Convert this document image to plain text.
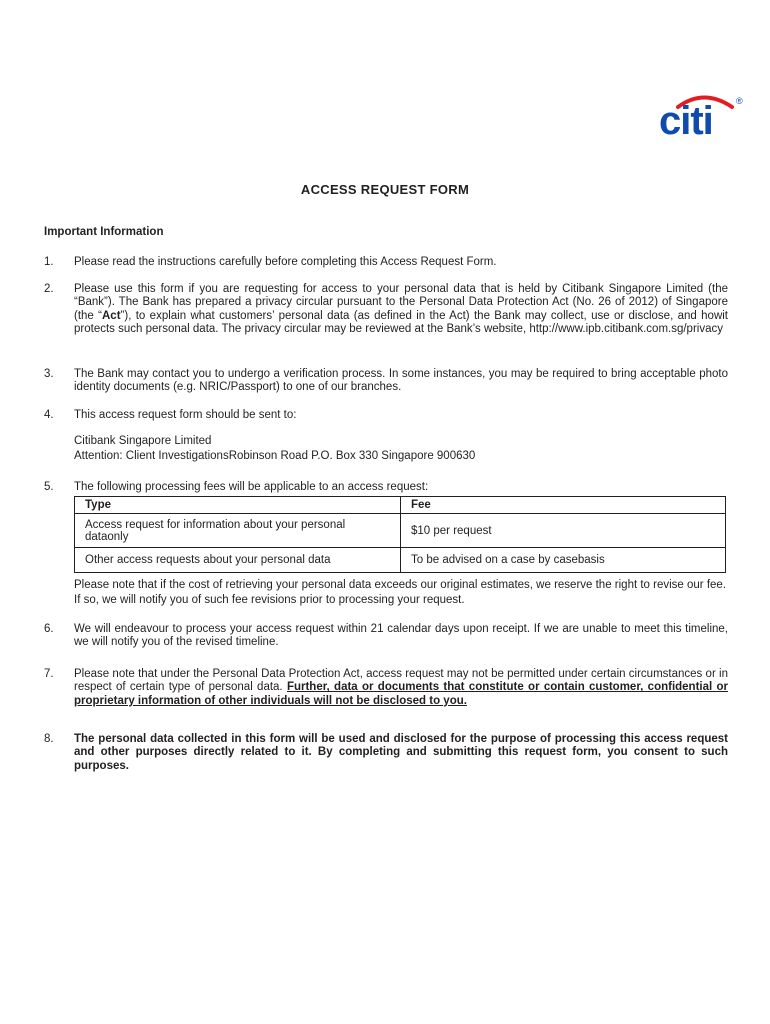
citi	®
ACCESS REQUEST FORM
Important Information
1. Please read the instructions carefully before completing this Access Request Form.
2. Please use this form if you are requesting for access to your personal data that is held by Citibank Singapore Limited (the “Bank”). The Bank has prepared a privacy circular pursuant to the Personal Data Protection Act (No. 26 of 2012) of Singapore (the “Act”), to explain what customers’ personal data (as defined in the Act) the Bank may collect, use or disclose, and howit protects such personal data. The privacy circular may be reviewed at the Bank’s website, http://www.ipb.citibank.com.sg/privacy
3. The Bank may contact you to undergo a verification process. In some instances, you may be required to bring acceptable photo identity documents (e.g. NRIC/Passport) to one of our branches.
4. This access request form should be sent to:
Citibank Singapore Limited
Attention: Client InvestigationsRobinson Road P.O. Box 330 Singapore 900630
5. The following processing fees will be applicable to an access request:
Type	Fee
Access request for information about your personal dataonly	$10 per request
Other access requests about your personal data	To be advised on a case by casebasis
Please note that if the cost of retrieving your personal data exceeds our original estimates, we reserve the right to revise our fee. If so, we will notify you of such fee revisions prior to processing your request.
6. We will endeavour to process your access request within 21 calendar days upon receipt. If we are unable to meet this timeline, we will notify you of the revised timeline.
7. Please note that under the Personal Data Protection Act, access request may not be permitted under certain circumstances or in respect of certain type of personal data. Further, data or documents that constitute or contain customer, confidential or proprietary information of other individuals will not be disclosed to you.
8. The personal data collected in this form will be used and disclosed for the purpose of processing this access request and other purposes directly related to it. By completing and submitting this request form, you consent to such purposes.
